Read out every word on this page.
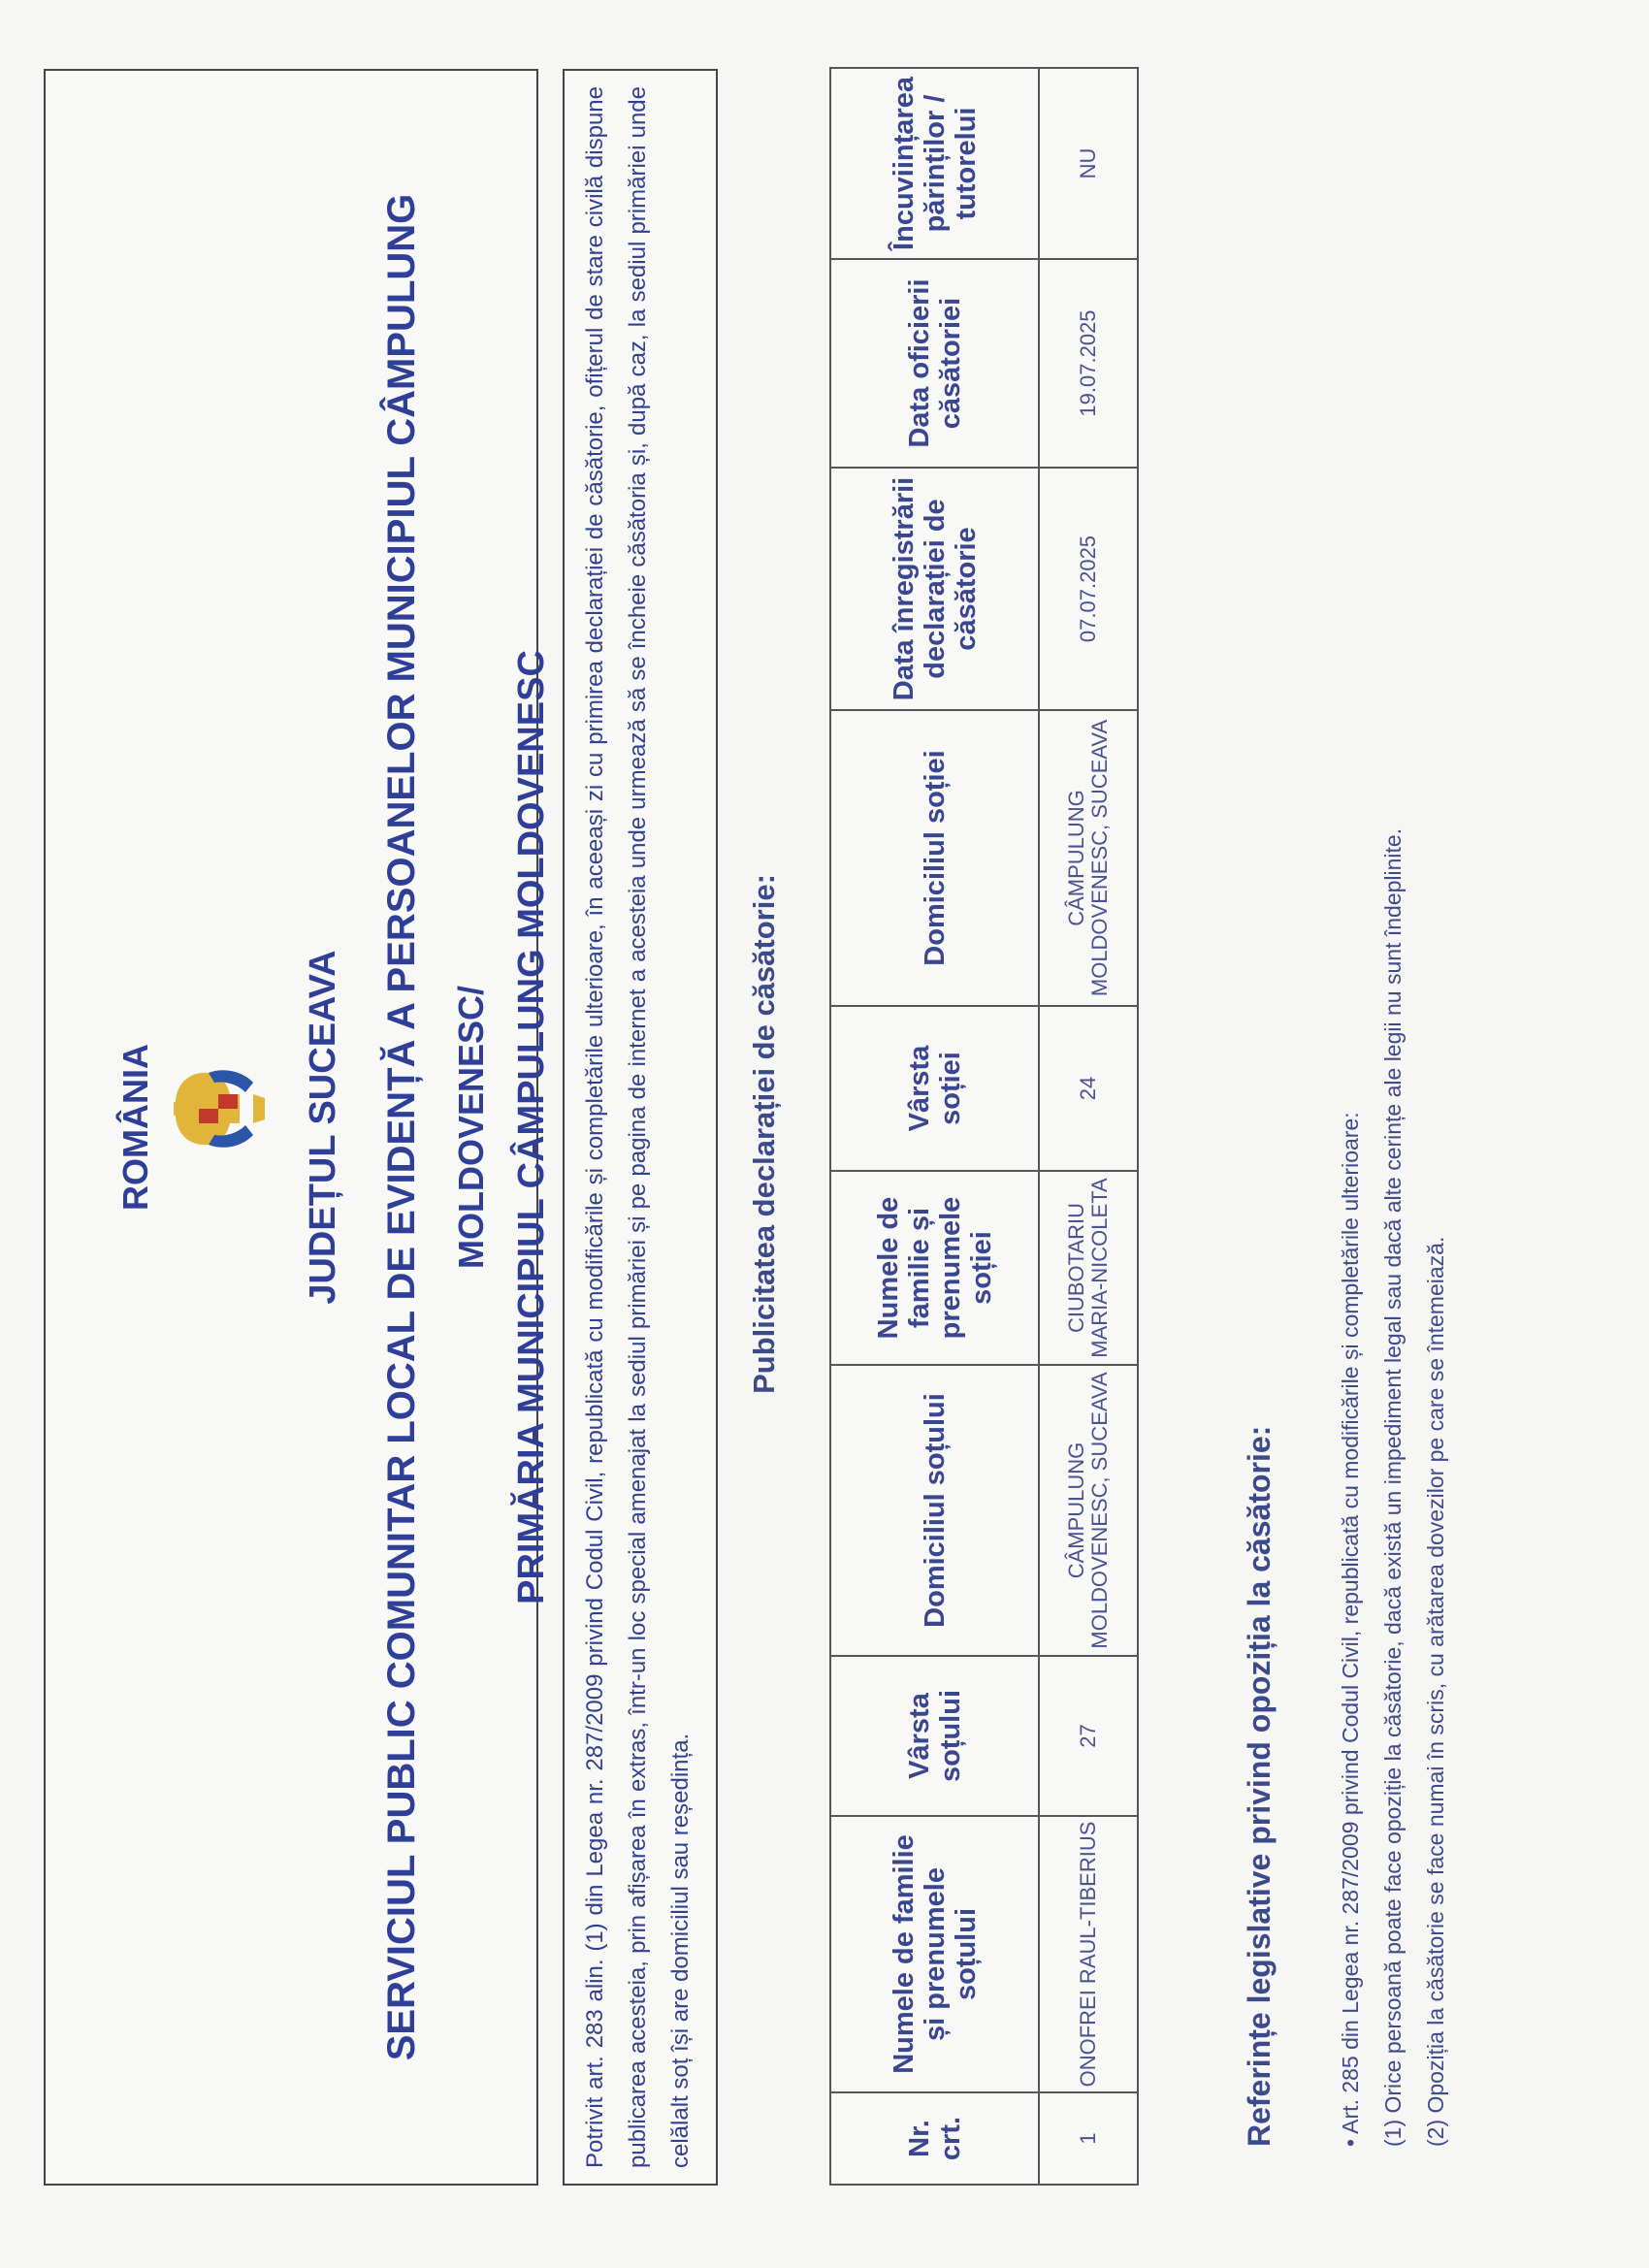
ROMÂNIA	JUDEȚUL SUCEAVA SERVICIUL PUBLIC COMUNITAR LOCAL DE EVIDENȚĂ A PERSOANELOR MUNICIPIUL CÂMPULUNG MOLDOVENESC/ PRIMĂRIA MUNICIPIUL CÂMPULUNG MOLDOVENESC	Potrivit art. 283 alin. (1) din Legea nr. 287/2009 privind Codul Civil, republicată cu modificările și completările ulterioare, în aceeași zi cu primirea declarației de căsătorie, ofițerul de stare civilă dispune publicarea acesteia, prin afișarea în extras, într-un loc special amenajat la sediul primăriei și pe pagina de internet a acesteia unde urmează să se încheie căsătoria și, după caz, la sediul primăriei unde celălalt soț își are domiciliul sau reședința.
Publicitatea declarației de căsătorie:
Nr. crt.	Numele de familie și prenumele soțului	Vârsta soțului	Domiciliul soțului	Numele de familie și prenumele soției	Vârsta soției	Domiciliul soției	Data înregistrării declarației de căsătorie	Data oficierii căsătoriei	Încuviințarea părinților / tutorelui
1	ONOFREI RAUL-TIBERIUS	27	CÂMPULUNG MOLDOVENESC, SUCEAVA	CIUBOTARIU MARIA-NICOLETA	24	CÂMPULUNG MOLDOVENESC, SUCEAVA	07.07.2025	19.07.2025	NU
Referințe legislative privind opoziția la căsătorie:	• Art. 285 din Legea nr. 287/2009 privind Codul Civil, republicată cu modificările și completările ulterioare: (1) Orice persoană poate face opoziție la căsătorie, dacă există un impediment legal sau dacă alte cerințe ale legii nu sunt îndeplinite. (2) Opoziția la căsătorie se face numai în scris, cu arătarea dovezilor pe care se întemeiază.
